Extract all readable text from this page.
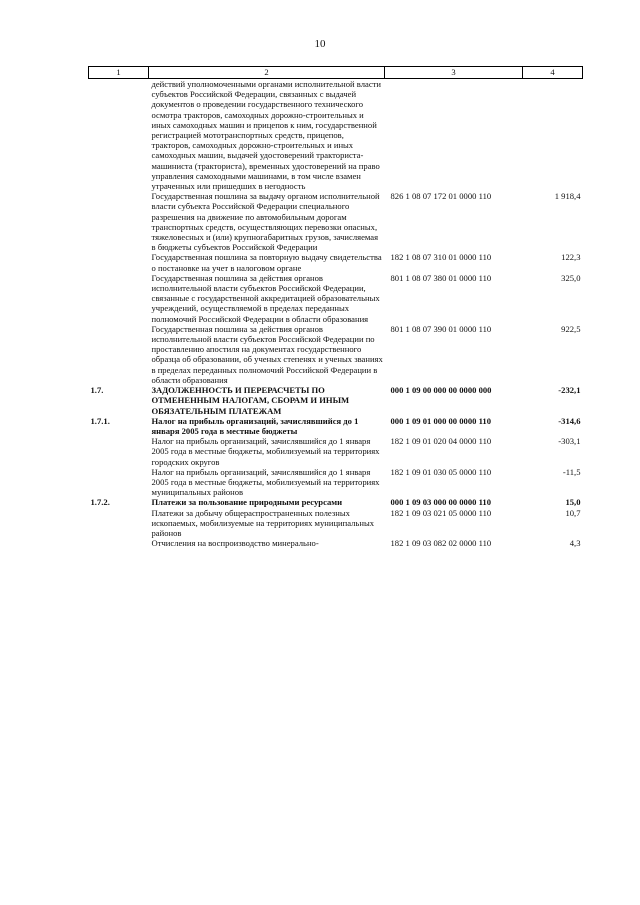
10
1	2	3	4
	действий уполномоченными органами исполнительной власти субъектов Российской Федерации, связанных с выдачей документов о проведении государственного технического осмотра тракторов, самоходных дорожно-строительных и иных самоходных машин и прицепов к ним, государственной регистрацией мототранспортных средств, прицепов, тракторов, самоходных дорожно-строительных и иных самоходных машин, выдачей удостоверений тракториста-машиниста (тракториста), временных удостоверений на право управления самоходными машинами, в том числе взамен утраченных или пришедших в негодность		
	Государственная пошлина за выдачу органом исполнительной власти субъекта Российской Федерации специального разрешения на движение по автомобильным дорогам транспортных средств, осуществляющих перевозки опасных, тяжеловесных и (или) крупногабаритных грузов, зачисляемая в бюджеты субъектов Российской Федерации	826 1 08 07 172 01 0000 110	1 918,4
	Государственная пошлина за повторную выдачу свидетельства о постановке на учет в налоговом органе	182 1 08 07 310 01 0000 110	122,3
	Государственная пошлина за действия органов исполнительной власти субъектов Российской Федерации, связанные с государственной аккредитацией образовательных учреждений, осуществляемой в пределах переданных полномочий Российской Федерации в области образования	801 1 08 07 380 01 0000 110	325,0
	Государственная пошлина за действия органов исполнительной власти субъектов Российской Федерации по проставлению апостиля на документах государственного образца об образовании, об ученых степенях и ученых званиях в пределах переданных полномочий Российской Федерации в области образования	801 1 08 07 390 01 0000 110	922,5
1.7.	ЗАДОЛЖЕННОСТЬ И ПЕРЕРАСЧЕТЫ ПО ОТМЕНЕННЫМ НАЛОГАМ, СБОРАМ И ИНЫМ ОБЯЗАТЕЛЬНЫМ ПЛАТЕЖАМ	000 1 09 00 000 00 0000 000	-232,1
1.7.1.	Налог на прибыль организаций, зачислявшийся до 1 января 2005 года в местные бюджеты	000 1 09 01 000 00 0000 110	-314,6
	Налог на прибыль организаций, зачислявшийся до 1 января 2005 года в местные бюджеты, мобилизуемый на территориях городских округов	182 1 09 01 020 04 0000 110	-303,1
	Налог на прибыль организаций, зачислявшийся до 1 января 2005 года в местные бюджеты, мобилизуемый на территориях муниципальных районов	182 1 09 01 030 05 0000 110	-11,5
1.7.2.	Платежи за пользование природными ресурсами	000 1 09 03 000 00 0000 110	15,0
	Платежи за добычу общераспространенных полезных ископаемых, мобилизуемые на территориях муниципальных районов	182 1 09 03 021 05 0000 110	10,7
	Отчисления на воспроизводство минерально-	182 1 09 03 082 02 0000 110	4,3
